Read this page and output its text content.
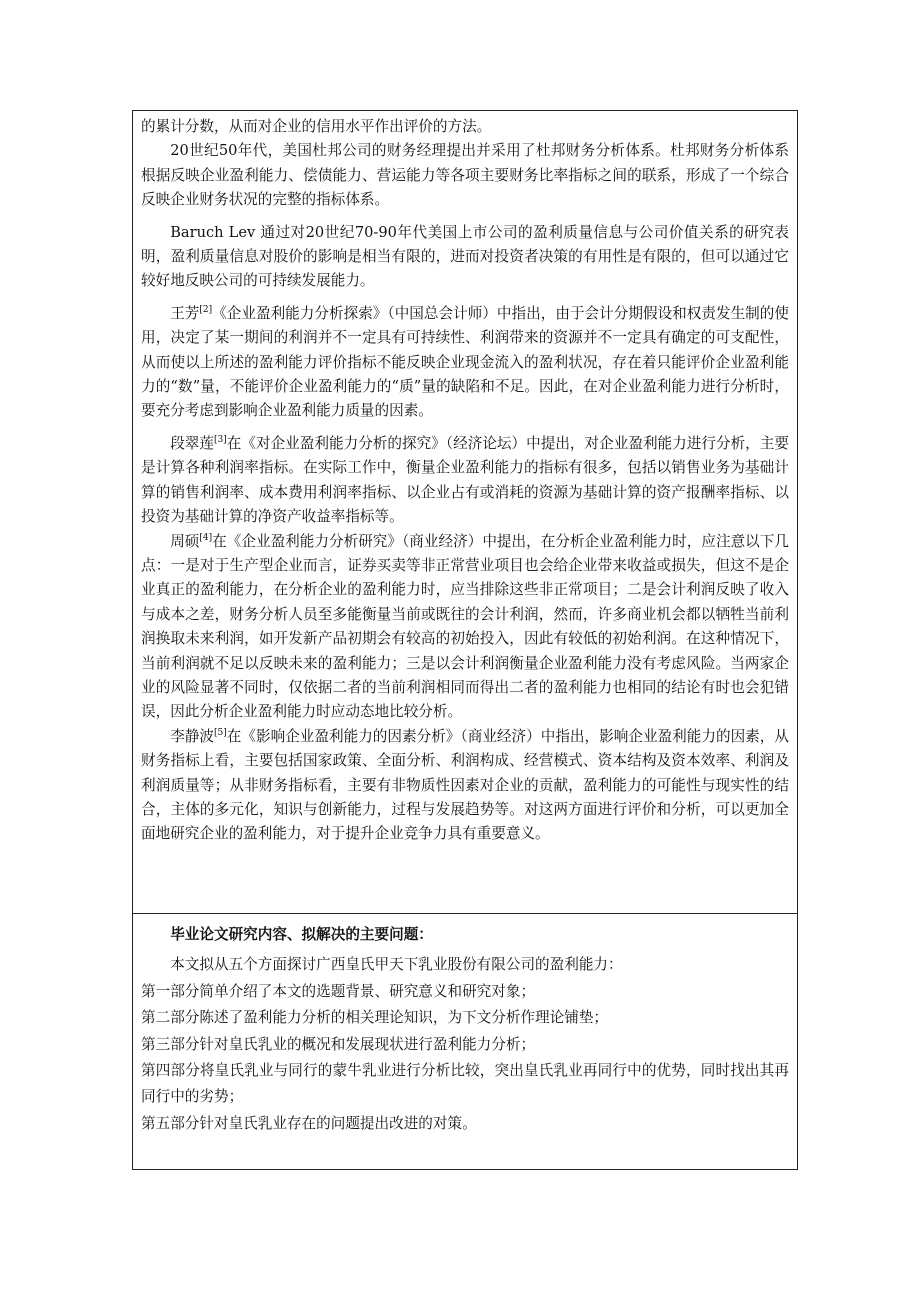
的累计分数，从而对企业的信用水平作出评价的方法。

20世纪50年代，美国杜邦公司的财务经理提出并采用了杜邦财务分析体系。杜邦财务分析体系根据反映企业盈利能力、偿债能力、营运能力等各项主要财务比率指标之间的联系，形成了一个综合反映企业财务状况的完整的指标体系。

Baruch Lev 通过对20世纪70-90年代美国上市公司的盈利质量信息与公司价值关系的研究表明，盈利质量信息对股价的影响是相当有限的，进而对投资者决策的有用性是有限的，但可以通过它较好地反映公司的可持续发展能力。

王芳[2]《企业盈利能力分析探索》（中国总会计师）中指出，由于会计分期假设和权责发生制的使用，决定了某一期间的利润并不一定具有可持续性、利润带来的资源并不一定具有确定的可支配性，从而使以上所述的盈利能力评价指标不能反映企业现金流入的盈利状况，存在着只能评价企业盈利能力的“数”量，不能评价企业盈利能力的“质”量的缺陷和不足。因此，在对企业盈利能力进行分析时，要充分考虑到影响企业盈利能力质量的因素。

段翠莲[3]在《对企业盈利能力分析的探究》（经济论坛）中提出，对企业盈利能力进行分析，主要是计算各种利润率指标。在实际工作中，衡量企业盈利能力的指标有很多，包括以销售业务为基础计算的销售利润率、成本费用利润率指标、以企业占有或消耗的资源为基础计算的资产报酬率指标、以投资为基础计算的净资产收益率指标等。

周硕[4]在《企业盈利能力分析研究》（商业经济）中提出，在分析企业盈利能力时，应注意以下几点：一是对于生产型企业而言，证券买卖等非正常营业项目也会给企业带来收益或损失，但这不是企业真正的盈利能力，在分析企业的盈利能力时，应当排除这些非正常项目；二是会计利润反映了收入与成本之差，财务分析人员至多能衡量当前或既往的会计利润，然而，许多商业机会都以牺牲当前利润换取未来利润，如开发新产品初期会有较高的初始投入，因此有较低的初始利润。在这种情况下，当前利润就不足以反映未来的盈利能力；三是以会计利润衡量企业盈利能力没有考虑风险。当两家企业的风险显著不同时，仅依据二者的当前利润相同而得出二者的盈利能力也相同的结论有时也会犯错误，因此分析企业盈利能力时应动态地比较分析。

李静波[5]在《影响企业盈利能力的因素分析》（商业经济）中指出，影响企业盈利能力的因素，从财务指标上看，主要包括国家政策、全面分析、利润构成、经营模式、资本结构及资本效率、利润及利润质量等；从非财务指标看，主要有非物质性因素对企业的贡献，盈利能力的可能性与现实性的结合，主体的多元化，知识与创新能力，过程与发展趋势等。对这两方面进行评价和分析，可以更加全面地研究企业的盈利能力，对于提升企业竞争力具有重要意义。

毕业论文研究内容、拟解决的主要问题：

本文拟从五个方面探讨广西皇氏甲天下乳业股份有限公司的盈利能力：

第一部分简单介绍了本文的选题背景、研究意义和研究对象；

第二部分陈述了盈利能力分析的相关理论知识，为下文分析作理论铺垫；

第三部分针对皇氏乳业的概况和发展现状进行盈利能力分析；

第四部分将皇氏乳业与同行的蒙牛乳业进行分析比较，突出皇氏乳业再同行中的优势，同时找出其再同行中的劣势；

第五部分针对皇氏乳业存在的问题提出改进的对策。
